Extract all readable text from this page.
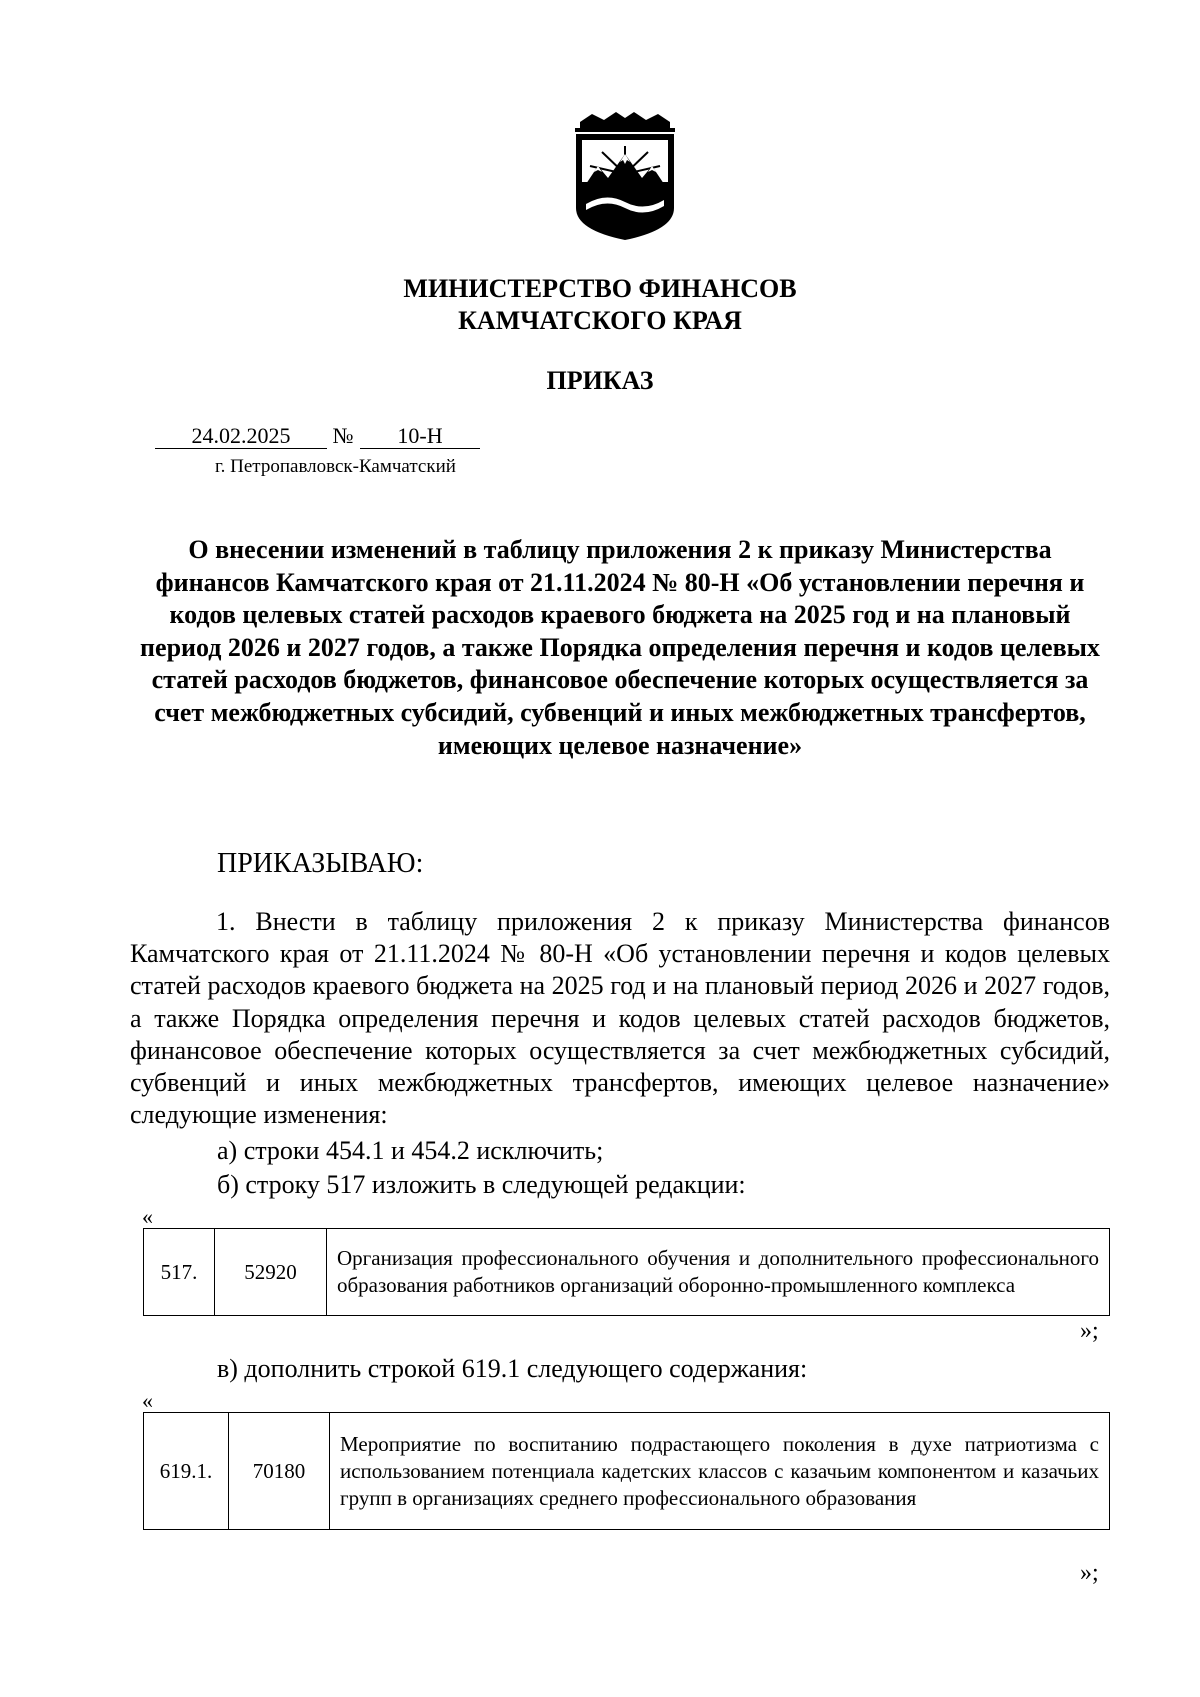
МИНИСТЕРСТВО ФИНАНСОВ
КАМЧАТСКОГО КРАЯ
ПРИКАЗ
24.02.2025	№	10-Н
г. Петропавловск-Камчатский
О внесении изменений в таблицу приложения 2 к приказу Министерства финансов Камчатского края от 21.11.2024 № 80-Н «Об установлении перечня и кодов целевых статей расходов краевого бюджета на 2025 год и на плановый период 2026 и 2027 годов, а также Порядка определения перечня и кодов целевых статей расходов бюджетов, финансовое обеспечение которых осуществляется за счет межбюджетных субсидий, субвенций и иных межбюджетных трансфертов, имеющих целевое назначение»
ПРИКАЗЫВАЮ:

1. Внести в таблицу приложения 2 к приказу Министерства финансов Камчатского края от 21.11.2024 № 80-Н «Об установлении перечня и кодов целевых статей расходов краевого бюджета на 2025 год и на плановый период 2026 и 2027 годов, а также Порядка определения перечня и кодов целевых статей расходов бюджетов, финансовое обеспечение которых осуществляется за счет межбюджетных субсидий, субвенций и иных межбюджетных трансфертов, имеющих целевое назначение» следующие изменения:

а) строки 454.1 и 454.2 исключить;
б) строку 517 изложить в следующей редакции:
«
517.	52920	Организация профессионального обучения и дополнительного профессионального образования работников организаций оборонно-промышленного комплекса
»;
в) дополнить строкой 619.1 следующего содержания:
«
619.1.	70180	Мероприятие по воспитанию подрастающего поколения в духе патриотизма с использованием потенциала кадетских классов с казачьим компонентом и казачьих групп в организациях среднего профессионального образования
»;
